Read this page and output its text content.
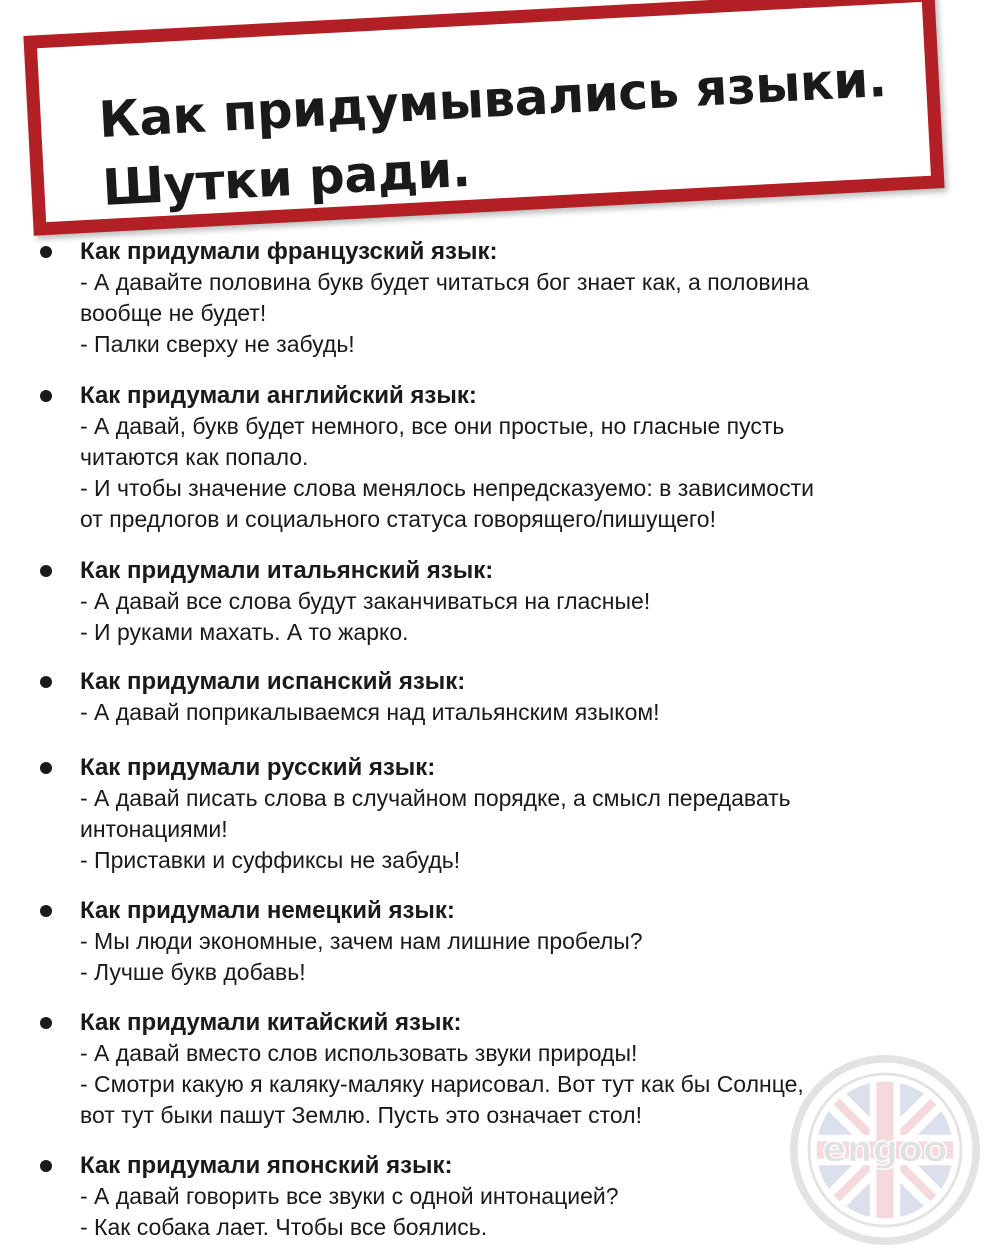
Как придумывались языки.
Шутки ради.
Как придумали французский язык:
- А давайте половина букв будет читаться бог знает как, а половина
вообще не будет!
- Палки сверху не забудь!
Как придумали английский язык:
- А давай, букв будет немного, все они простые, но гласные пусть
читаются как попало.
- И чтобы значение слова менялось непредсказуемо: в зависимости
от предлогов и социального статуса говорящего/пишущего!
Как придумали итальянский язык:
- А давай все слова будут заканчиваться на гласные!
- И руками махать. А то жарко.
Как придумали испанский язык:
- А давай поприкалываемся над итальянским языком!
Как придумали русский язык:
- А давай писать слова в случайном порядке, а смысл передавать
интонациями!
- Приставки и суффиксы не забудь!
Как придумали немецкий язык:
- Мы люди экономные, зачем нам лишние пробелы?
- Лучше букв добавь!
Как придумали китайский язык:
- А давай вместо слов использовать звуки природы!
- Смотри какую я каляку-маляку нарисовал. Вот тут как бы Солнце,
вот тут быки пашут Землю. Пусть это означает стол!
Как придумали японский язык:
- А давай говорить все звуки с одной интонацией?
- Как собака лает. Чтобы все боялись.
engoo
